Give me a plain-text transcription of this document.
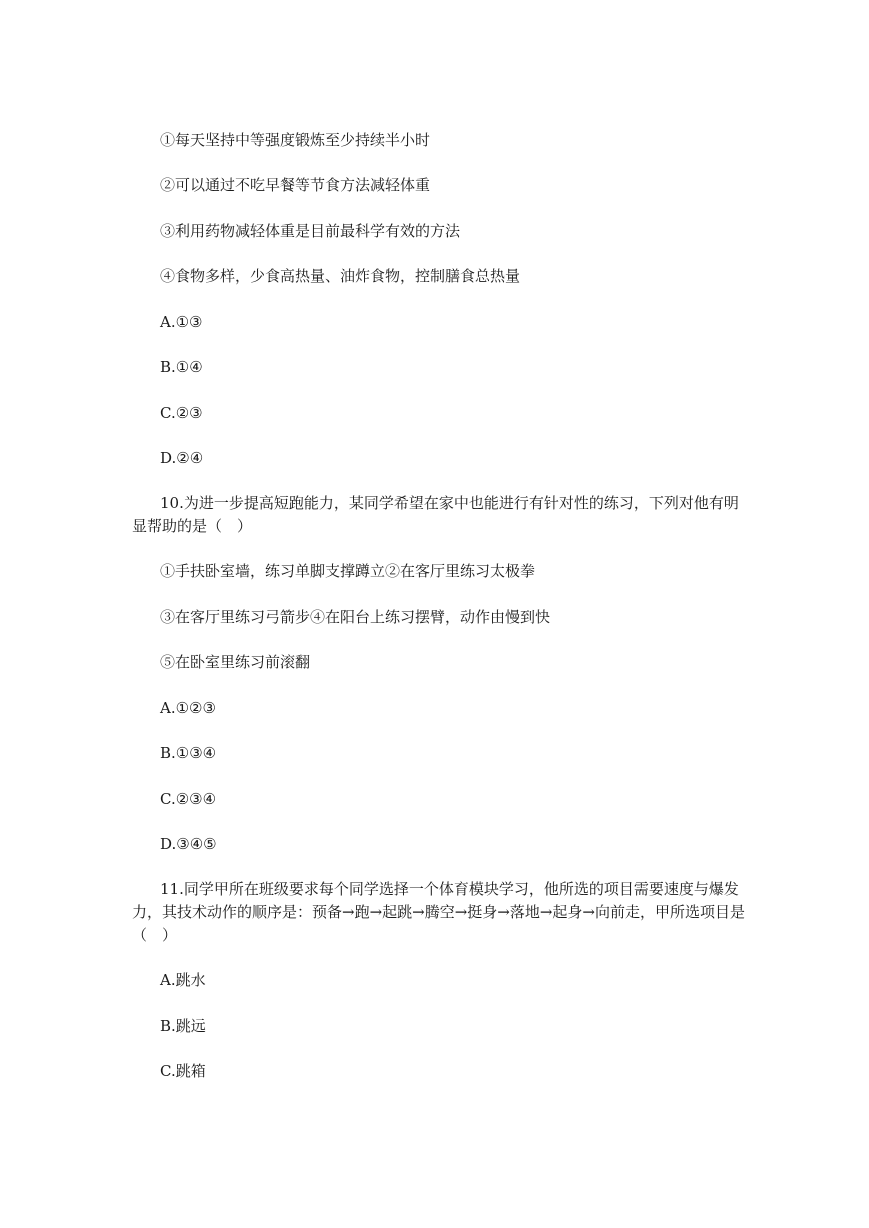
①每天坚持中等强度锻炼至少持续半小时
②可以通过不吃早餐等节食方法减轻体重
③利用药物减轻体重是目前最科学有效的方法
④食物多样，少食高热量、油炸食物，控制膳食总热量
A.①③
B.①④
C.②③
D.②④
10.为进一步提高短跑能力，某同学希望在家中也能进行有针对性的练习，下列对他有明显帮助的是（　）
①手扶卧室墙，练习单脚支撑蹲立②在客厅里练习太极拳
③在客厅里练习弓箭步④在阳台上练习摆臂，动作由慢到快
⑤在卧室里练习前滚翻
A.①②③
B.①③④
C.②③④
D.③④⑤
11.同学甲所在班级要求每个同学选择一个体育模块学习，他所选的项目需要速度与爆发力，其技术动作的顺序是：预备→跑→起跳→腾空→挺身→落地→起身→向前走，甲所选项目是（　）
A.跳水
B.跳远
C.跳箱
